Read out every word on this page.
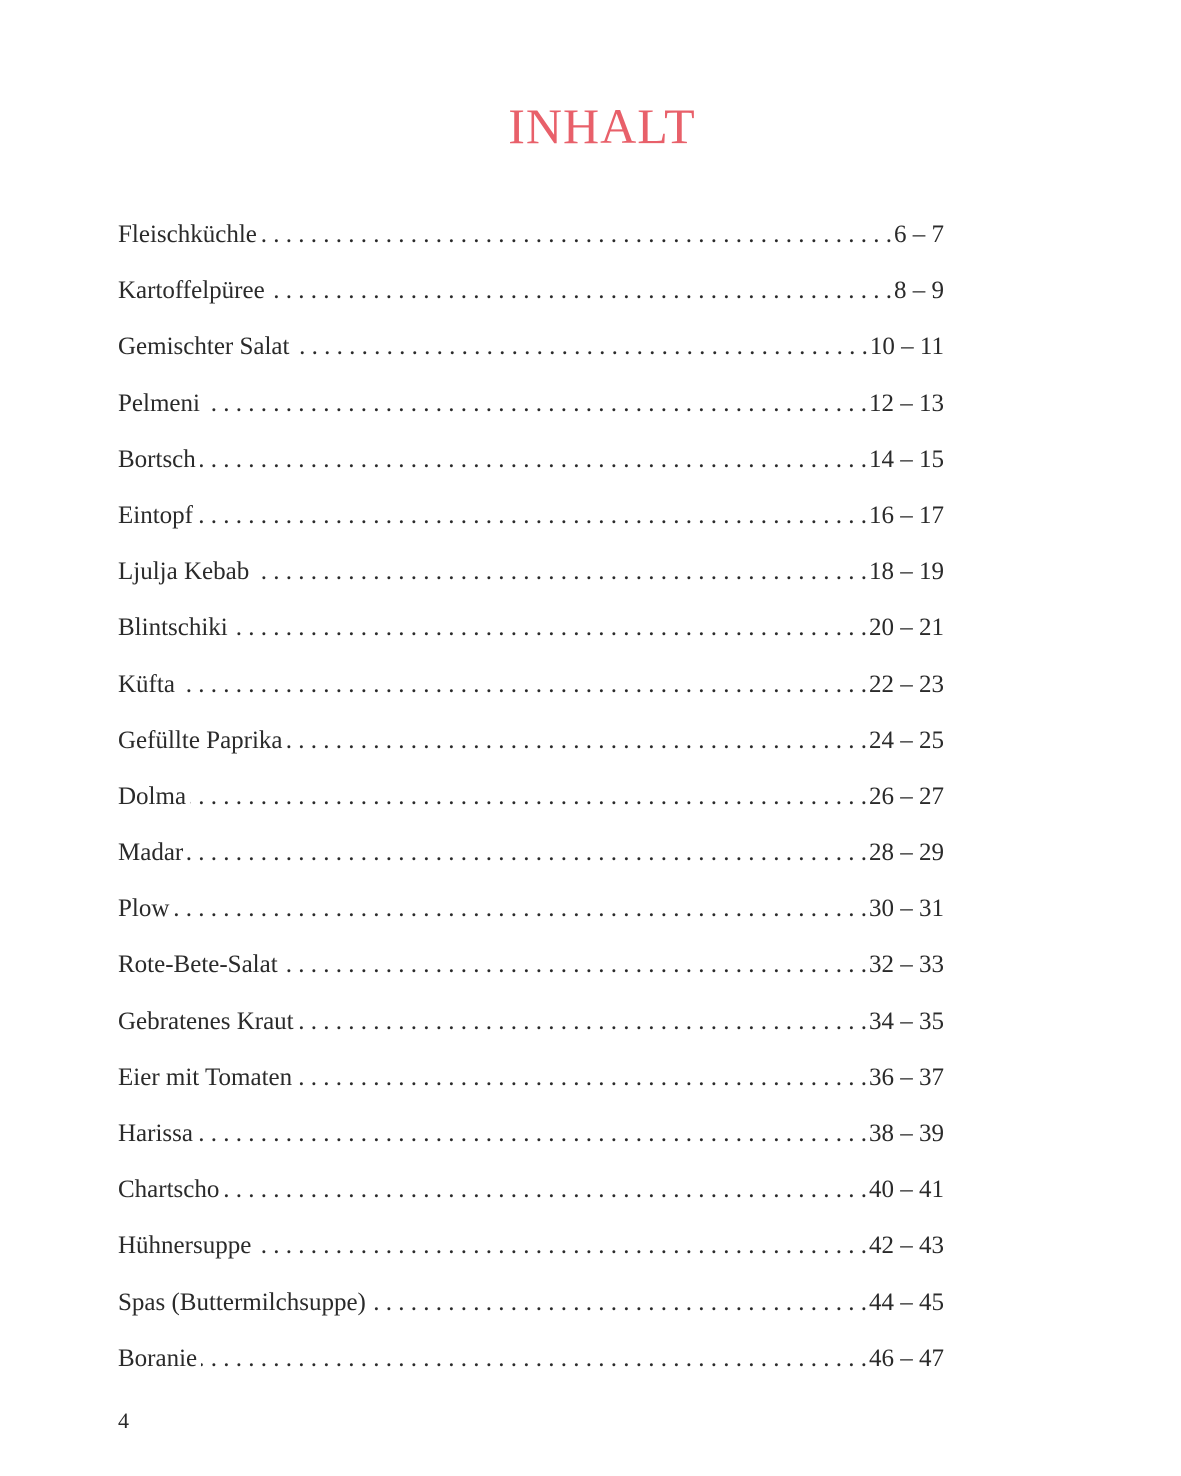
INHALT
Fleischküchle . . .	6 – 7
Kartoffelpüree . . .	8 – 9
Gemischter Salat . . .	10 – 11
Pelmeni . . .	12 – 13
Bortsch . . .	14 – 15
Eintopf . . .	16 – 17
Ljulja Kebab . . .	18 – 19
Blintschiki . . .	20 – 21
Küfta . . .	22 – 23
Gefüllte Paprika . . .	24 – 25
Dolma . . .	26 – 27
Madar . . .	28 – 29
Plow . . .	30 – 31
Rote-Bete-Salat . . .	32 – 33
Gebratenes Kraut . . .	34 – 35
Eier mit Tomaten . . .	36 – 37
Harissa . . .	38 – 39
Chartscho . . .	40 – 41
Hühnersuppe . . .	42 – 43
Spas (Buttermilchsuppe) . . .	44 – 45
Boranie . . .	46 – 47

4
